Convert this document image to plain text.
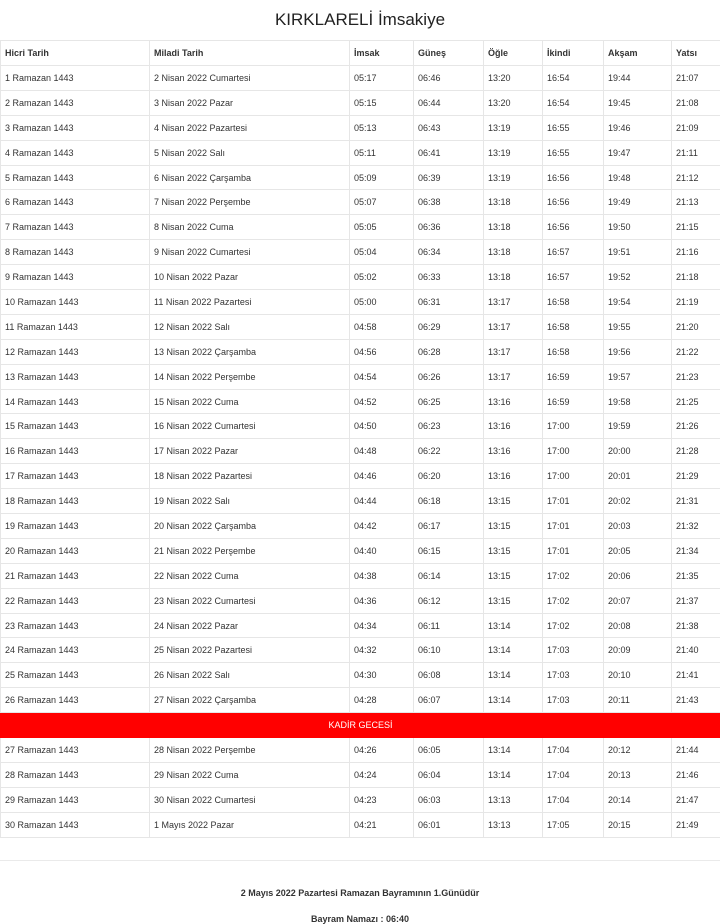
KIRKLARELİ İmsakiye
Hicri Tarih	Miladi Tarih	İmsak	Güneş	Öğle	İkindi	Akşam	Yatsı
1 Ramazan 1443	2 Nisan 2022 Cumartesi	05:17	06:46	13:20	16:54	19:44	21:07
2 Ramazan 1443	3 Nisan 2022 Pazar	05:15	06:44	13:20	16:54	19:45	21:08
3 Ramazan 1443	4 Nisan 2022 Pazartesi	05:13	06:43	13:19	16:55	19:46	21:09
4 Ramazan 1443	5 Nisan 2022 Salı	05:11	06:41	13:19	16:55	19:47	21:11
5 Ramazan 1443	6 Nisan 2022 Çarşamba	05:09	06:39	13:19	16:56	19:48	21:12
6 Ramazan 1443	7 Nisan 2022 Perşembe	05:07	06:38	13:18	16:56	19:49	21:13
7 Ramazan 1443	8 Nisan 2022 Cuma	05:05	06:36	13:18	16:56	19:50	21:15
8 Ramazan 1443	9 Nisan 2022 Cumartesi	05:04	06:34	13:18	16:57	19:51	21:16
9 Ramazan 1443	10 Nisan 2022 Pazar	05:02	06:33	13:18	16:57	19:52	21:18
10 Ramazan 1443	11 Nisan 2022 Pazartesi	05:00	06:31	13:17	16:58	19:54	21:19
11 Ramazan 1443	12 Nisan 2022 Salı	04:58	06:29	13:17	16:58	19:55	21:20
12 Ramazan 1443	13 Nisan 2022 Çarşamba	04:56	06:28	13:17	16:58	19:56	21:22
13 Ramazan 1443	14 Nisan 2022 Perşembe	04:54	06:26	13:17	16:59	19:57	21:23
14 Ramazan 1443	15 Nisan 2022 Cuma	04:52	06:25	13:16	16:59	19:58	21:25
15 Ramazan 1443	16 Nisan 2022 Cumartesi	04:50	06:23	13:16	17:00	19:59	21:26
16 Ramazan 1443	17 Nisan 2022 Pazar	04:48	06:22	13:16	17:00	20:00	21:28
17 Ramazan 1443	18 Nisan 2022 Pazartesi	04:46	06:20	13:16	17:00	20:01	21:29
18 Ramazan 1443	19 Nisan 2022 Salı	04:44	06:18	13:15	17:01	20:02	21:31
19 Ramazan 1443	20 Nisan 2022 Çarşamba	04:42	06:17	13:15	17:01	20:03	21:32
20 Ramazan 1443	21 Nisan 2022 Perşembe	04:40	06:15	13:15	17:01	20:05	21:34
21 Ramazan 1443	22 Nisan 2022 Cuma	04:38	06:14	13:15	17:02	20:06	21:35
22 Ramazan 1443	23 Nisan 2022 Cumartesi	04:36	06:12	13:15	17:02	20:07	21:37
23 Ramazan 1443	24 Nisan 2022 Pazar	04:34	06:11	13:14	17:02	20:08	21:38
24 Ramazan 1443	25 Nisan 2022 Pazartesi	04:32	06:10	13:14	17:03	20:09	21:40
25 Ramazan 1443	26 Nisan 2022 Salı	04:30	06:08	13:14	17:03	20:10	21:41
26 Ramazan 1443	27 Nisan 2022 Çarşamba	04:28	06:07	13:14	17:03	20:11	21:43
KADİR GECESİ							
27 Ramazan 1443	28 Nisan 2022 Perşembe	04:26	06:05	13:14	17:04	20:12	21:44
28 Ramazan 1443	29 Nisan 2022 Cuma	04:24	06:04	13:14	17:04	20:13	21:46
29 Ramazan 1443	30 Nisan 2022 Cumartesi	04:23	06:03	13:13	17:04	20:14	21:47
30 Ramazan 1443	1 Mayıs 2022 Pazar	04:21	06:01	13:13	17:05	20:15	21:49
2 Mayıs 2022 Pazartesi Ramazan Bayramının 1.Günüdür
Bayram Namazı : 06:40
